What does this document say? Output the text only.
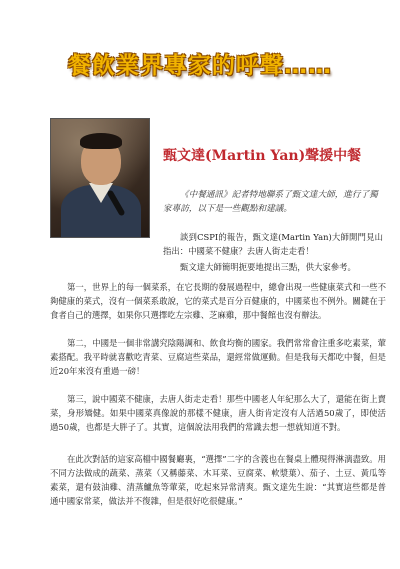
餐飲業界專家的呼聲……
甄文達(Martin Yan)聲援中餐
《中餐通訊》記者特地聯系了甄文達大師，進行了獨家專訪，以下是一些觀點和建議。
談到CSPI的報告，甄文達(Martin Yan)大師開門見山指出：中國菜不健康？去唐人街走走看！
甄文達大師簡明扼要地提出三點，供大家參考。
第一，世界上的每一個菜系，在它長期的發展過程中，總會出現一些健康菜式和一些不夠健康的菜式，沒有一個菜系敢說，它的菜式是百分百健康的，中國菜也不例外。關鍵在于食者自己的選擇，如果你只選擇吃左宗雞、芝麻雞，那中餐館也沒有辦法。
第二，中國是一個非常講究陰陽調和、飲食均衡的國家。我們常常會注重多吃素菜，葷素搭配。我平時就喜歡吃青菜、豆腐這些菜品，還經常做運動。但是我每天都吃中餐，但是近20年來沒有重過一磅！
第三，說中國菜不健康，去唐人街走走看！那些中國老人年紀那么大了，還能在街上賣菜，身形矯健。如果中國菜真像說的那樣不健康，唐人街肯定沒有人活過50歲了，即使活過50歲，也都是大胖子了。其實，這個說法用我們的常識去想一想就知道不對。
在此次對話的這家高檔中國餐廳裏，“選擇”二字的含義也在餐桌上體現得淋漓盡致。用不同方法做成的蔬菜、蒸菜（又稱藤菜、木耳菜、豆腐菜、軟漿葉）、茄子、土豆、黃瓜等素菜，還有鼓油雞、清蒸鱸魚等葷菜，吃起來异常清爽。甄文達先生說：“其實這些都是普通中國家常菜，做法并不復雜，但是很好吃很健康。”
